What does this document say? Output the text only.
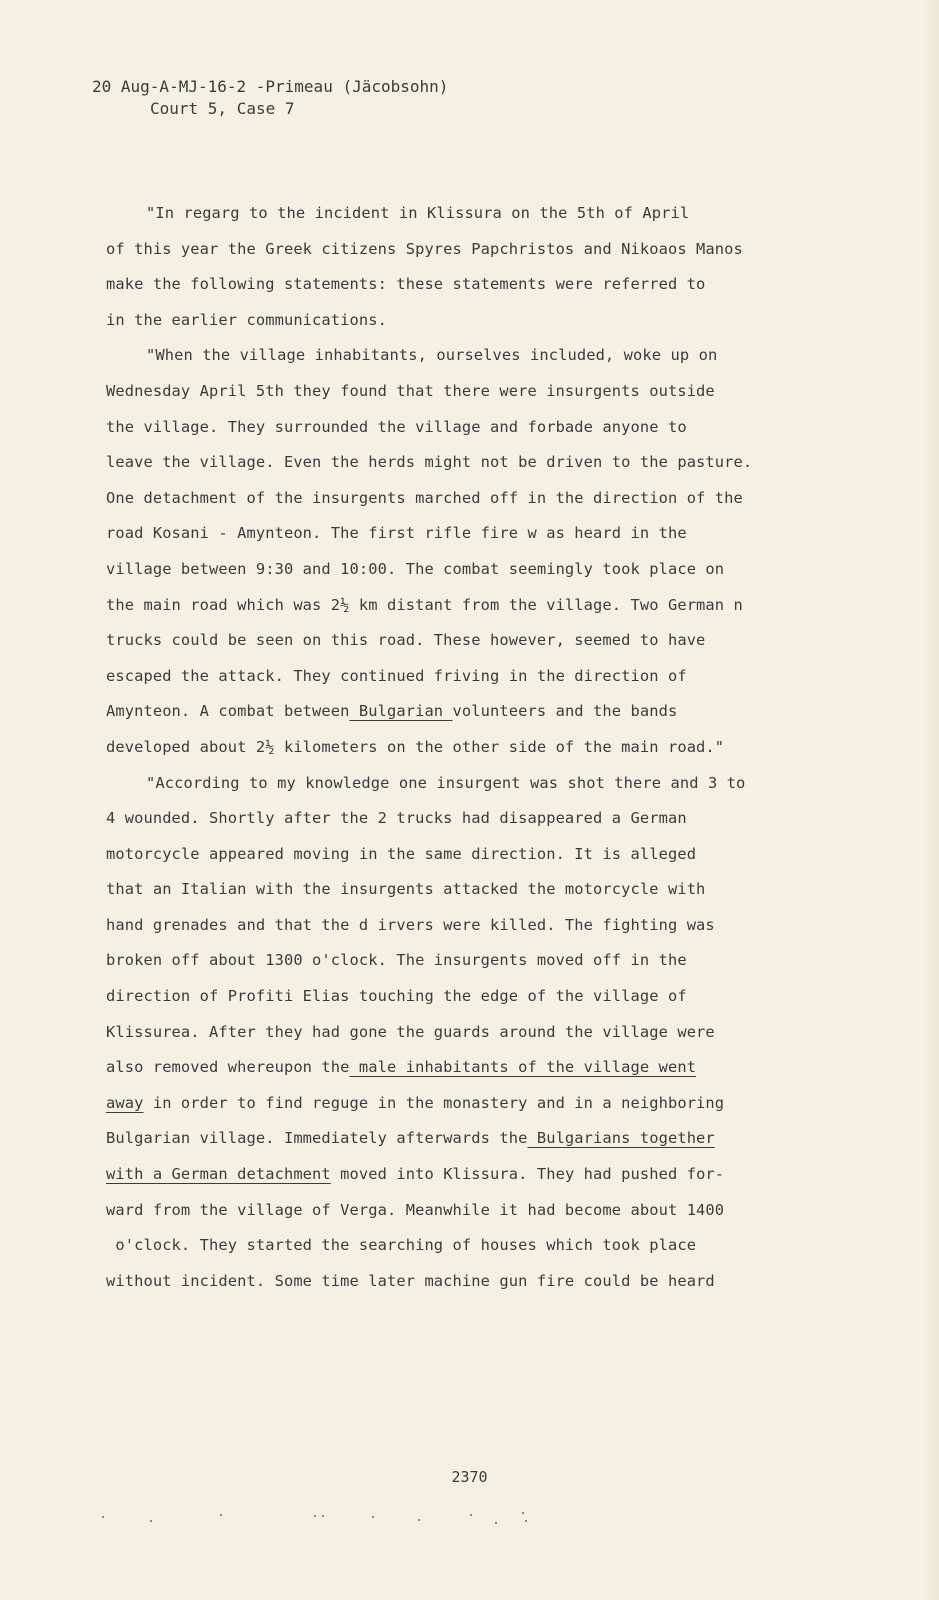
20 Aug-A-MJ-16-2 -Primeau (Jäcobsohn)
Court 5, Case 7
"In regarg to the incident in Klissura on the 5th of April
of this year the Greek citizens Spyres Papchristos and Nikoaos Manos
make the following statements: these statements were referred to
in the earlier communications.
"When the village inhabitants, ourselves included, woke up on
Wednesday April 5th they found that there were insurgents outside
the village. They surrounded the village and forbade anyone to
leave the village. Even the herds might not be driven to the pasture.
One detachment of the insurgents marched off in the direction of the
road Kosani - Amynteon. The first rifle fire w as heard in the
village between 9:30 and 10:00. The combat seemingly took place on
the main road which was 2½ km distant from the village. Two German n
trucks could be seen on this road. These however, seemed to have
escaped the attack. They continued friving in the direction of
Amynteon. A combat between Bulgarian volunteers and the bands
developed about 2½ kilometers on the other side of the main road."
"According to my knowledge one insurgent was shot there and 3 to
4 wounded. Shortly after the 2 trucks had disappeared a German
motorcycle appeared moving in the same direction. It is alleged
that an Italian with the insurgents attacked the motorcycle with
hand grenades and that the d irvers were killed. The fighting was
broken off about 1300 o'clock. The insurgents moved off in the
direction of Profiti Elias touching the edge of the village of
Klissurea. After they had gone the guards around the village were
also removed whereupon the male inhabitants of the village went
away in order to find reguge in the monastery and in a neighboring
Bulgarian village. Immediately afterwards the Bulgarians together
with a German detachment moved into Klissura. They had pushed for-
ward from the village of Verga. Meanwhile it had become about 1400
o'clock. They started the searching of houses which took place
without incident. Some time later machine gun fire could be heard
2370
